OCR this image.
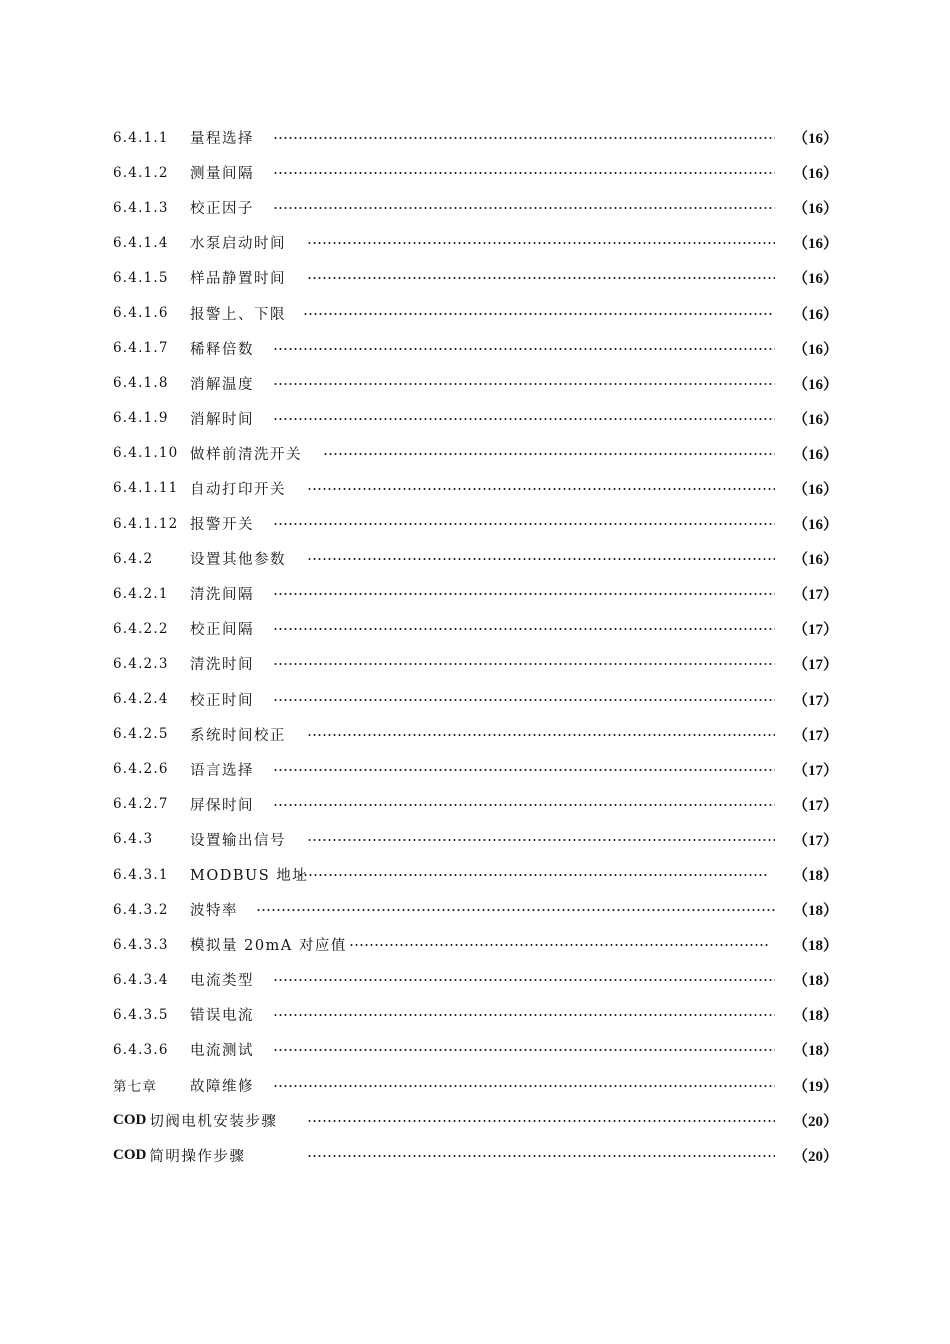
6.4.1.1	量程选择	（16）
6.4.1.2	测量间隔	（16）
6.4.1.3	校正因子	（16）
6.4.1.4	水泵启动时间	（16）
6.4.1.5	样品静置时间	（16）
6.4.1.6	报警上、下限	（16）
6.4.1.7	稀释倍数	（16）
6.4.1.8	消解温度	（16）
6.4.1.9	消解时间	（16）
6.4.1.10 做样前清洗开关	（16）
6.4.1.11 自动打印开关	（16）
6.4.1.12 报警开关	（16）
6.4.2	设置其他参数	（16）
6.4.2.1	清洗间隔	（17）
6.4.2.2	校正间隔	（17）
6.4.2.3	清洗时间	（17）
6.4.2.4	校正时间	（17）
6.4.2.5	系统时间校正	（17）
6.4.2.6	语言选择	（17）
6.4.2.7	屏保时间	（17）
6.4.3	设置输出信号	（17）
6.4.3.1	MODBUS 地址	（18）
6.4.3.2	波特率	（18）
6.4.3.3	模拟量 20mA 对应值	（18）
6.4.3.4	电流类型	（18）
6.4.3.5	错误电流	（18）
6.4.3.6	电流测试	（18）
第七章	故障维修	（19）
COD 切阀电机安装步骤	（20）
COD 简明操作步骤	（20）
